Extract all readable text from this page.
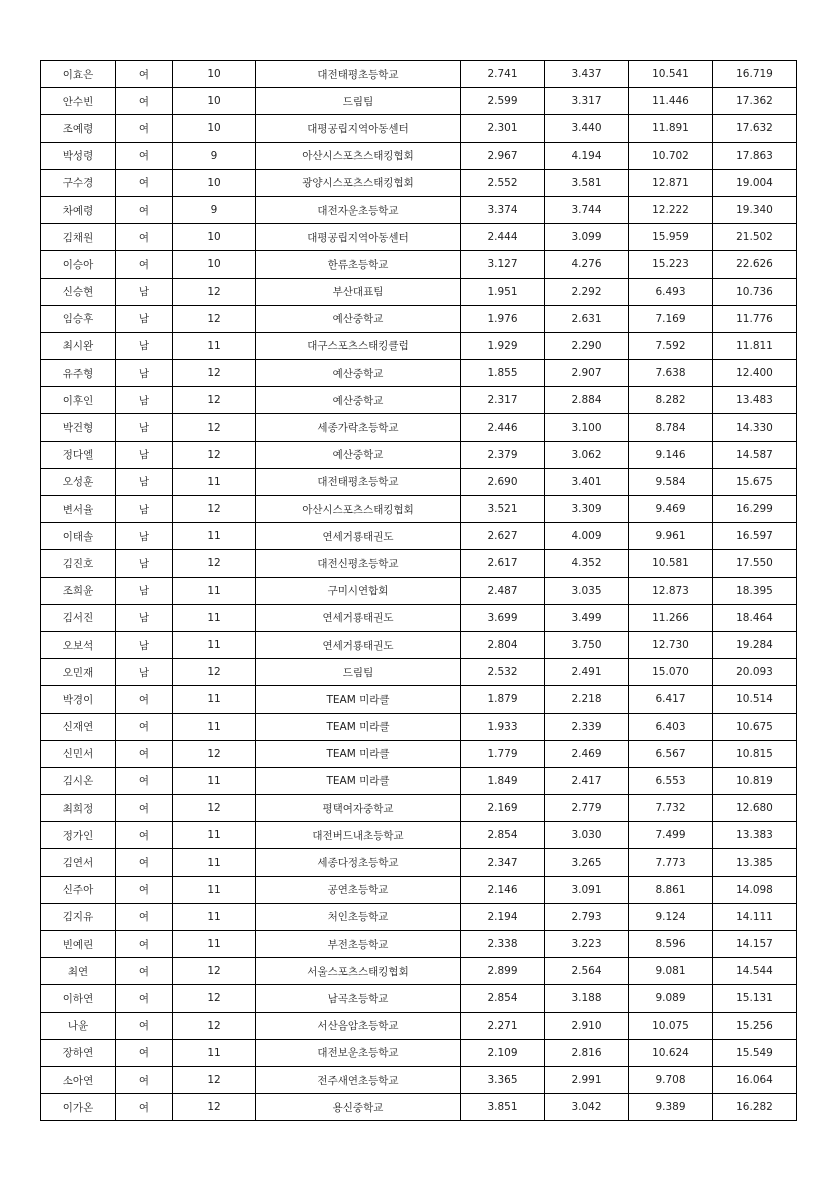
이효은	여	10	대전태평초등학교	2.741	3.437	10.541	16.719
안수빈	여	10	드림팀	2.599	3.317	11.446	17.362
조예령	여	10	대평공립지역아동센터	2.301	3.440	11.891	17.632
박성령	여	9	아산시스포츠스태킹협회	2.967	4.194	10.702	17.863
구수경	여	10	광양시스포츠스태킹협회	2.552	3.581	12.871	19.004
차예령	여	9	대전자운초등학교	3.374	3.744	12.222	19.340
김채원	여	10	대평공립지역아동센터	2.444	3.099	15.959	21.502
이승아	여	10	한류초등학교	3.127	4.276	15.223	22.626
신승현	남	12	부산대표팀	1.951	2.292	6.493	10.736
임승후	남	12	예산중학교	1.976	2.631	7.169	11.776
최시완	남	11	대구스포츠스태킹클럽	1.929	2.290	7.592	11.811
유주형	남	12	예산중학교	1.855	2.907	7.638	12.400
이후인	남	12	예산중학교	2.317	2.884	8.282	13.483
박건형	남	12	세종가락초등학교	2.446	3.100	8.784	14.330
정다엘	남	12	예산중학교	2.379	3.062	9.146	14.587
오성훈	남	11	대전태평초등학교	2.690	3.401	9.584	15.675
변서율	남	12	아산시스포츠스태킹협회	3.521	3.309	9.469	16.299
이태솔	남	11	연세거룡태권도	2.627	4.009	9.961	16.597
김진호	남	12	대전신평초등학교	2.617	4.352	10.581	17.550
조희윤	남	11	구미시연합회	2.487	3.035	12.873	18.395
김서진	남	11	연세거룡태권도	3.699	3.499	11.266	18.464
오보석	남	11	연세거룡태권도	2.804	3.750	12.730	19.284
오민재	남	12	드림팀	2.532	2.491	15.070	20.093
박경이	여	11	TEAM 미라클	1.879	2.218	6.417	10.514
신재연	여	11	TEAM 미라클	1.933	2.339	6.403	10.675
신민서	여	12	TEAM 미라클	1.779	2.469	6.567	10.815
김시온	여	11	TEAM 미라클	1.849	2.417	6.553	10.819
최희정	여	12	평택여자중학교	2.169	2.779	7.732	12.680
정가인	여	11	대전버드내초등학교	2.854	3.030	7.499	13.383
김연서	여	11	세종다정초등학교	2.347	3.265	7.773	13.385
신주아	여	11	공연초등학교	2.146	3.091	8.861	14.098
김지유	여	11	처인초등학교	2.194	2.793	9.124	14.111
빈예린	여	11	부전초등학교	2.338	3.223	8.596	14.157
최연	여	12	서울스포츠스태킹협회	2.899	2.564	9.081	14.544
이하연	여	12	남곡초등학교	2.854	3.188	9.089	15.131
나윤	여	12	서산음암초등학교	2.271	2.910	10.075	15.256
장하연	여	11	대전보운초등학교	2.109	2.816	10.624	15.549
소아연	여	12	전주새연초등학교	3.365	2.991	9.708	16.064
이가온	여	12	용신중학교	3.851	3.042	9.389	16.282
